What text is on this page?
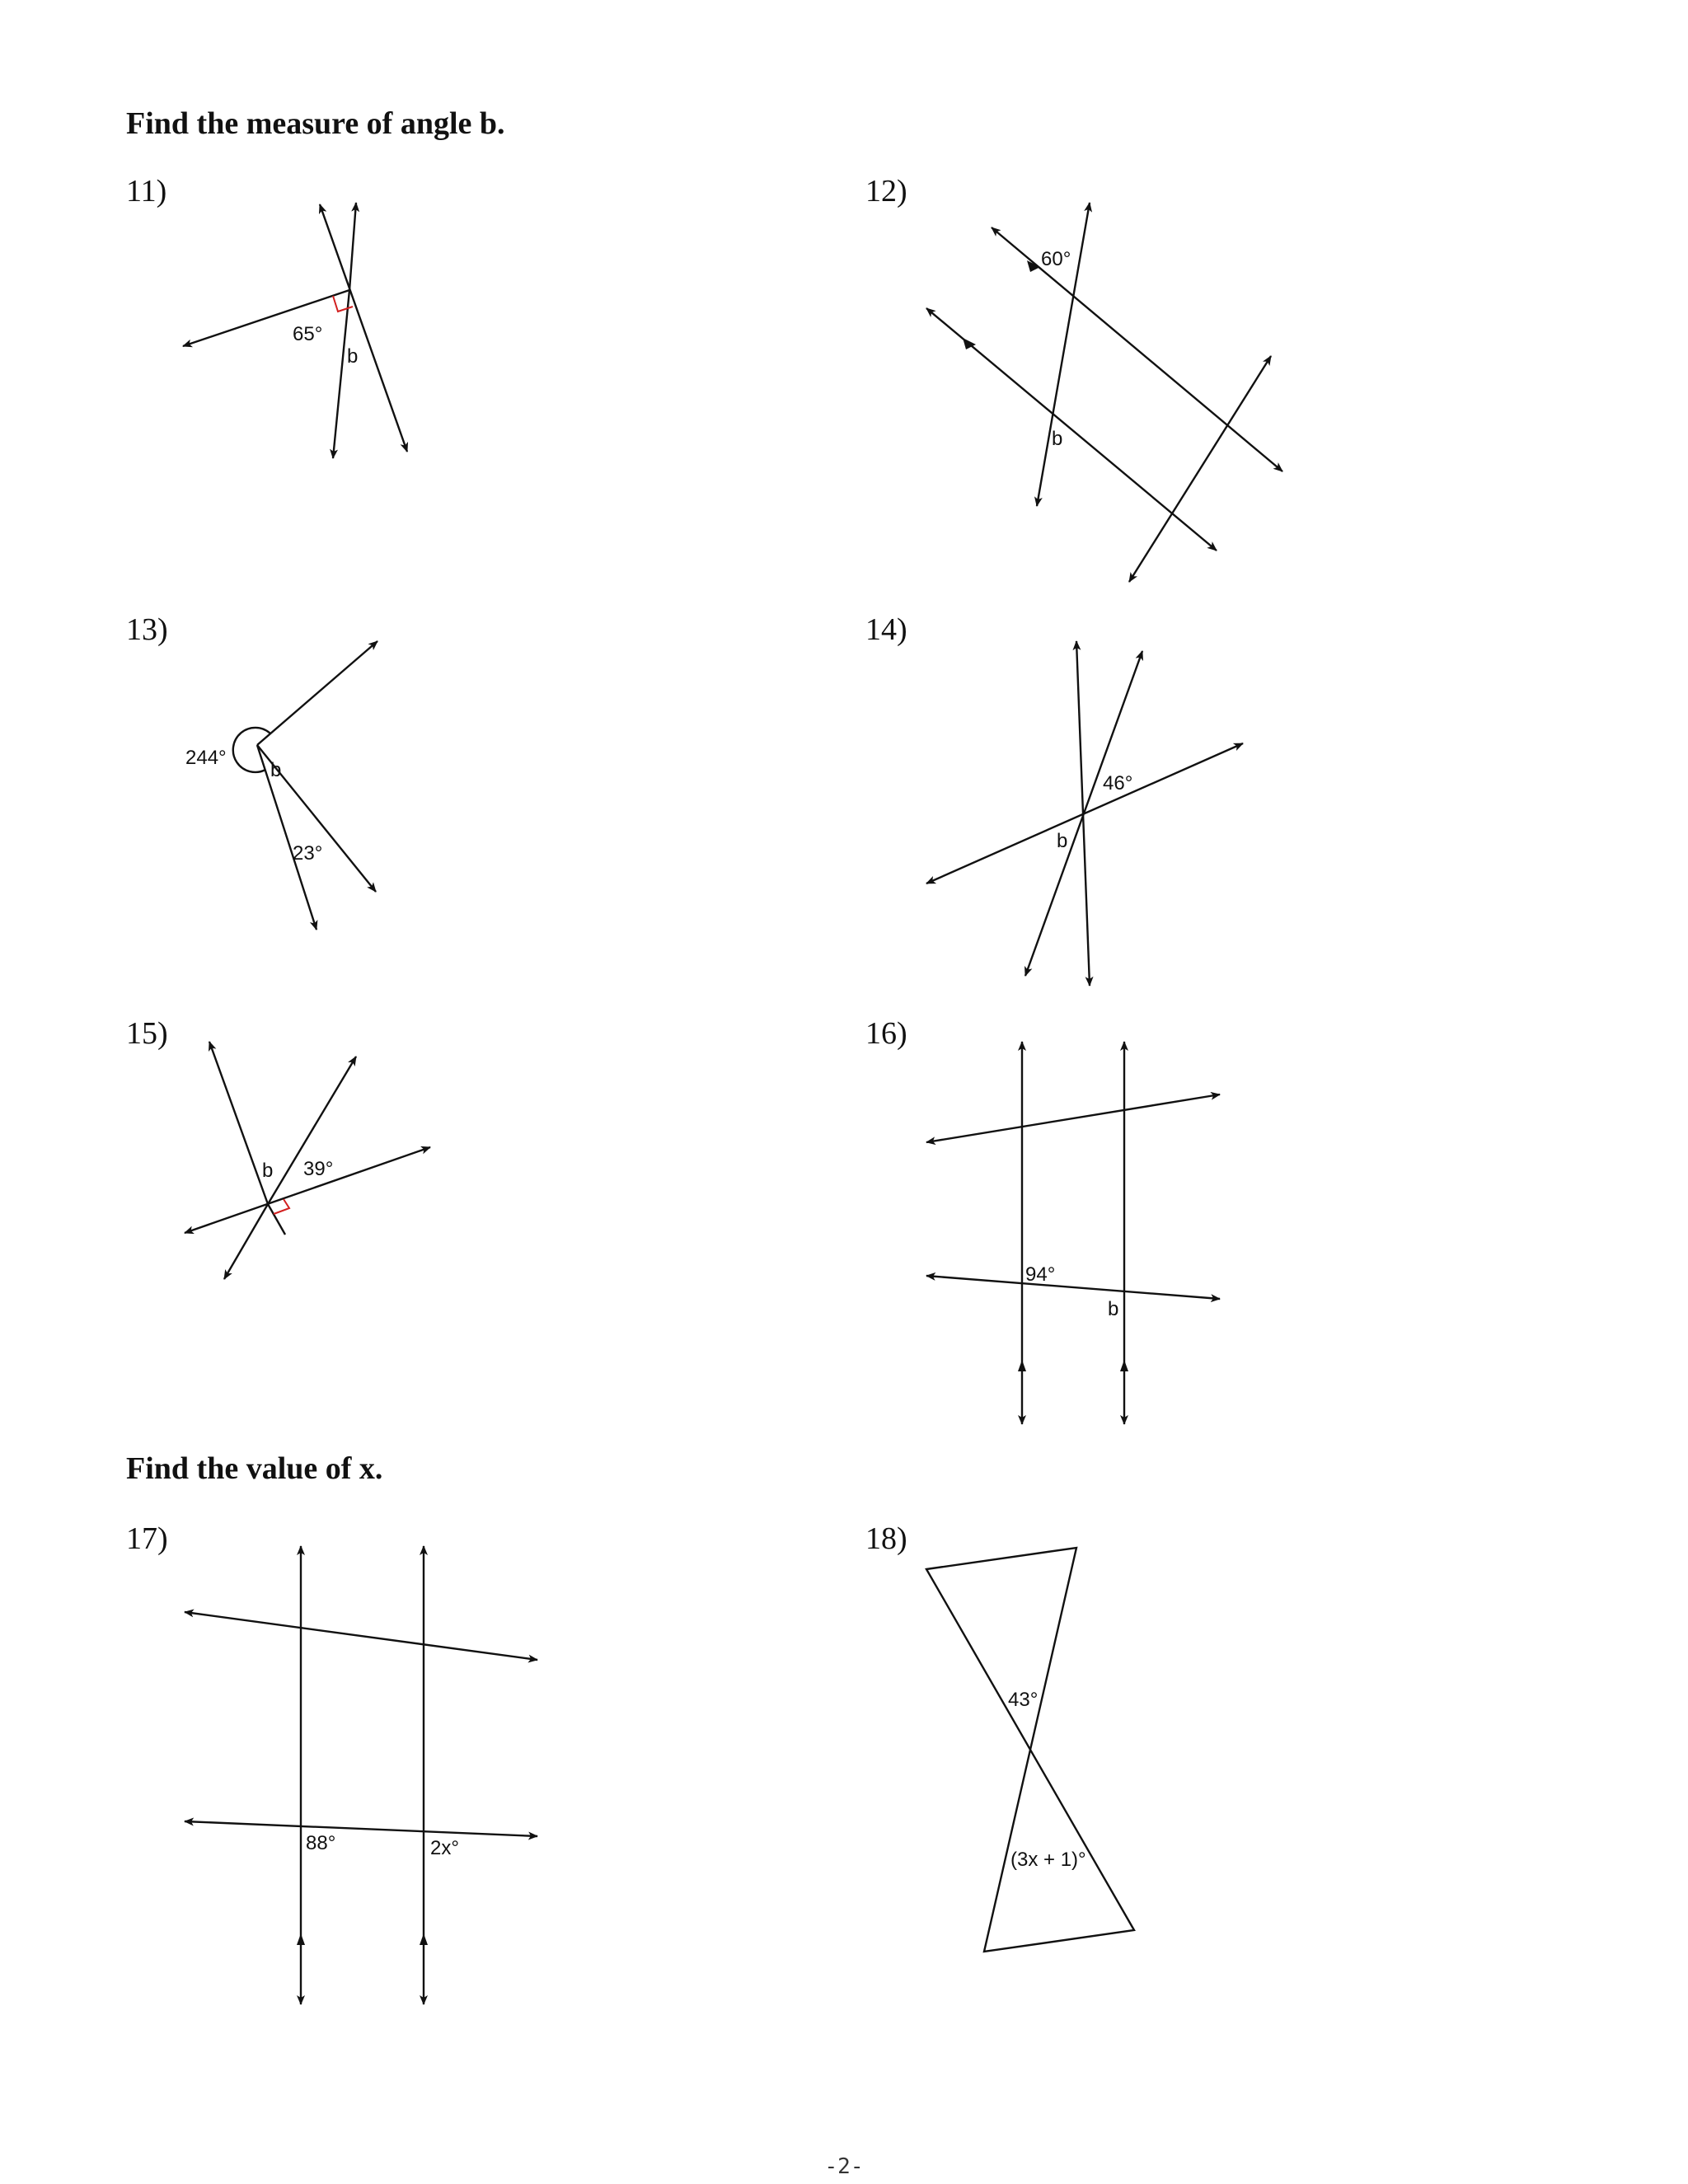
Find the measure of angle b.
Find the value of x.
11)	12)
13)	14)
15)	16)
17)	18)
65°
b
60°
b
244°
b
23°
46°
b
b 39°
94°
b
88°	2x°
43°
(3x + 1)°
-2-
